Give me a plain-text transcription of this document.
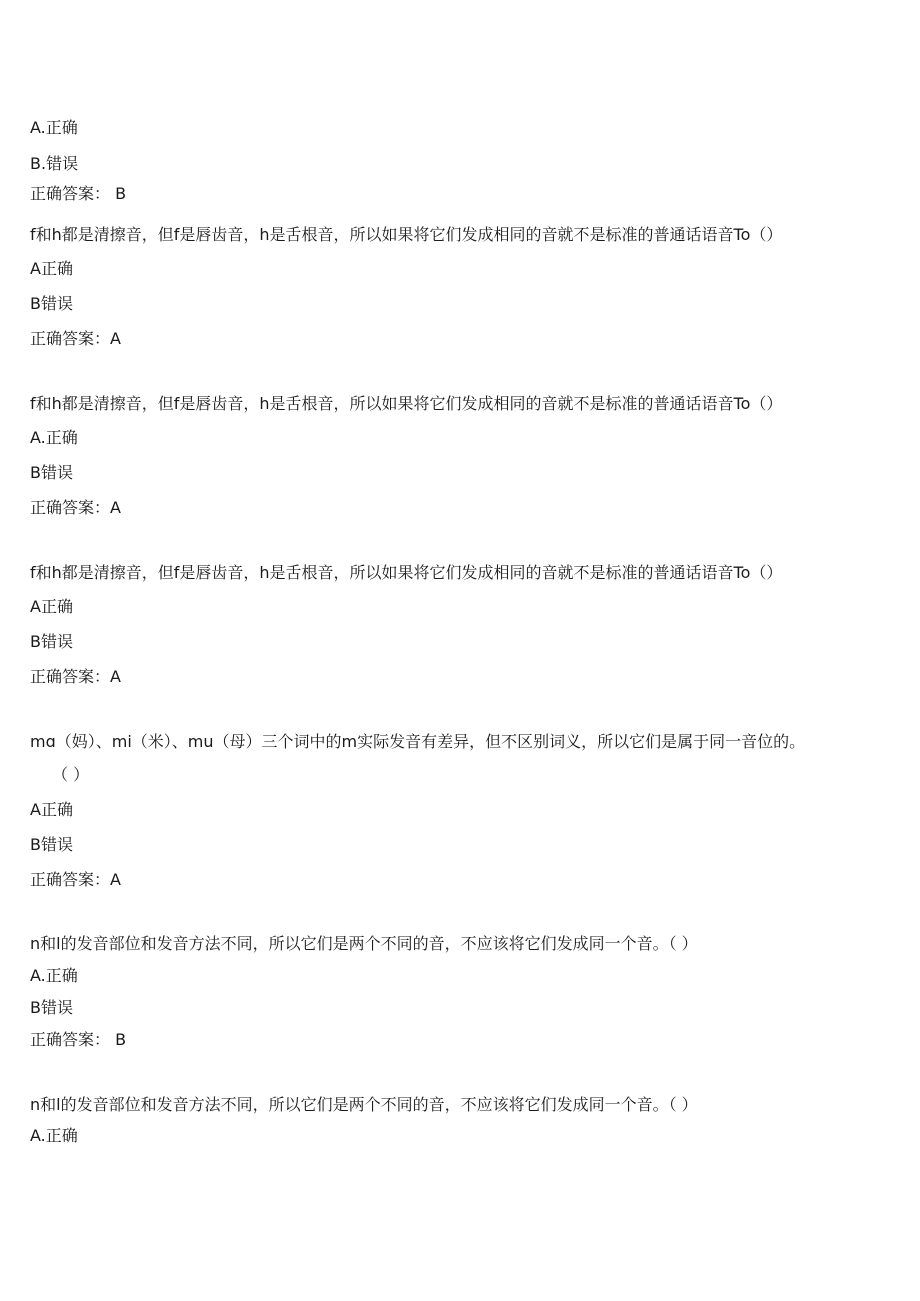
A.正确
B.错误
正确答案： B
f和h都是清擦音，但f是唇齿音，h是舌根音，所以如果将它们发成相同的音就不是标准的普通话语音To（）
A正确
B错误
正确答案：A
f和h都是清擦音，但f是唇齿音，h是舌根音，所以如果将它们发成相同的音就不是标准的普通话语音To（）
A.正确
B错误
正确答案：A
f和h都是清擦音，但f是唇齿音，h是舌根音，所以如果将它们发成相同的音就不是标准的普通话语音To（）
A正确
B错误
正确答案：A
mɑ（妈）、mi（米）、mu（母）三个词中的m实际发音有差异，但不区别词义，所以它们是属于同一音位的。
（ ）
A正确
B错误
正确答案：A
n和l的发音部位和发音方法不同，所以它们是两个不同的音，不应该将它们发成同一个音。（ ）
A.正确
B错误
正确答案： B
n和l的发音部位和发音方法不同，所以它们是两个不同的音，不应该将它们发成同一个音。（ ）
A.正确
